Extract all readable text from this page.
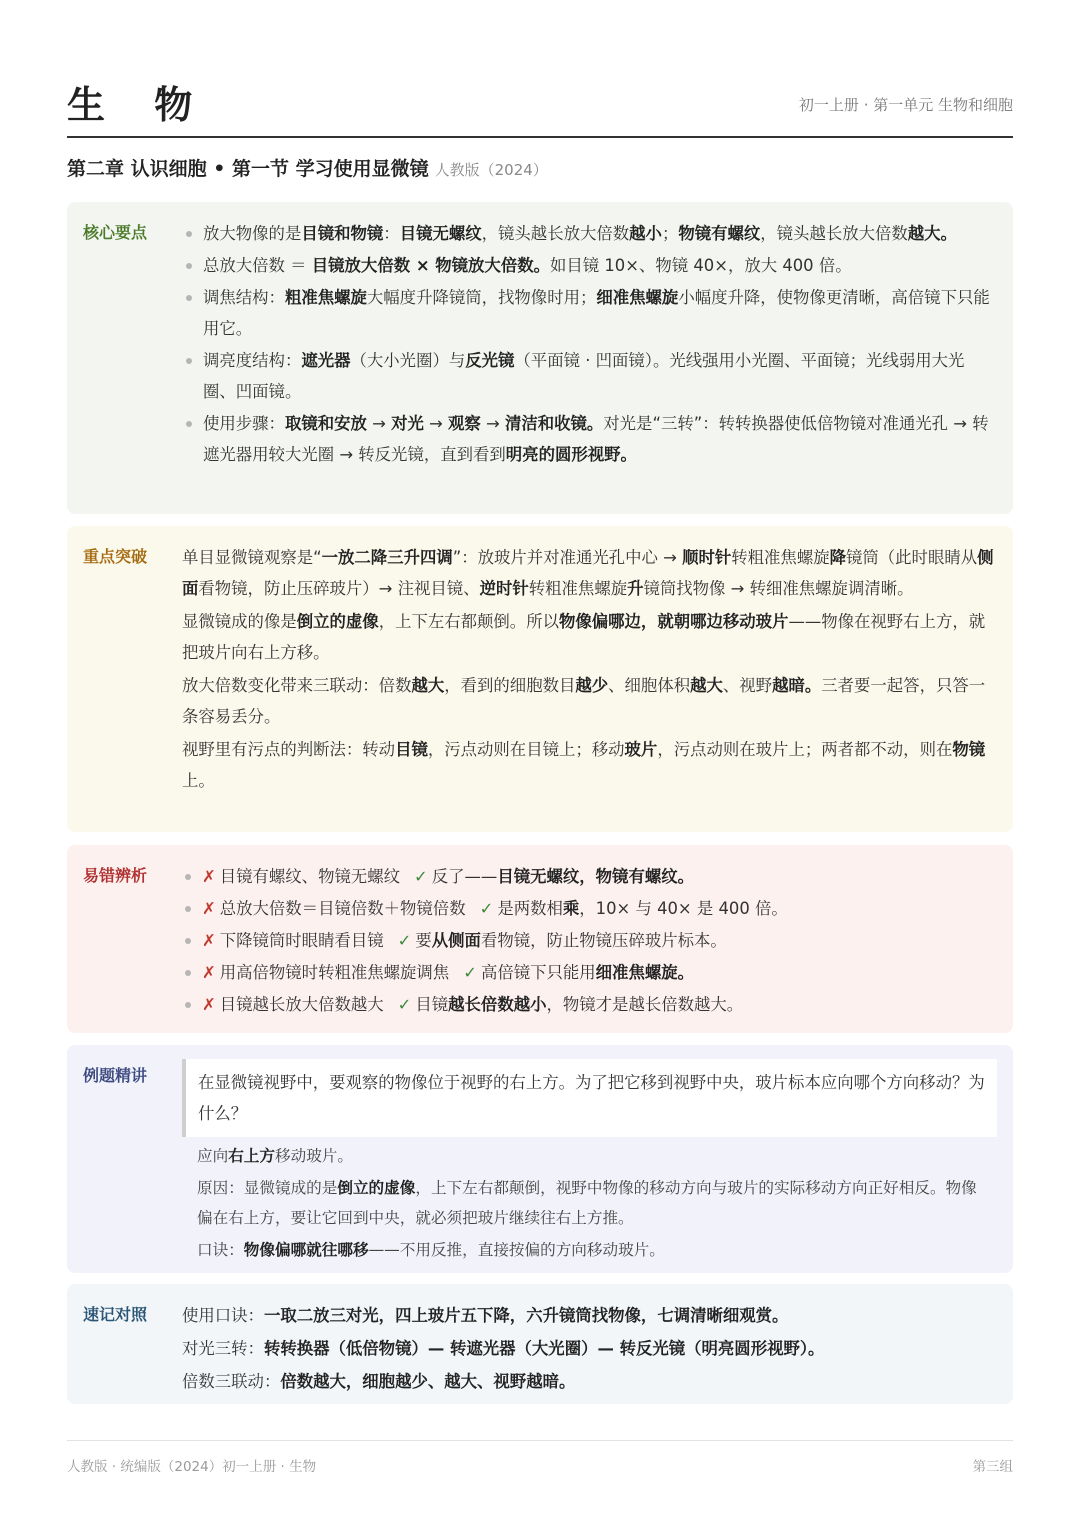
生 物	初一上册 · 第一单元 生物和细胞
第二章 认识细胞 • 第一节 学习使用显微镜 人教版（2024）
核心要点	放大物像的是目镜和物镜：目镜无螺纹，镜头越长放大倍数越小；物镜有螺纹，镜头越长放大倍数越大。
总放大倍数 ＝ 目镜放大倍数 × 物镜放大倍数。如目镜 10×、物镜 40×，放大 400 倍。
调焦结构：粗准焦螺旋大幅度升降镜筒，找物像时用；细准焦螺旋小幅度升降，使物像更清晰，高倍镜下只能用它。
调亮度结构：遮光器（大小光圈）与反光镜（平面镜 · 凹面镜）。光线强用小光圈、平面镜；光线弱用大光圈、凹面镜。
使用步骤：取镜和安放 → 对光 → 观察 → 清洁和收镜。对光是“三转”：转转换器使低倍物镜对准通光孔 → 转遮光器用较大光圈 → 转反光镜，直到看到明亮的圆形视野。
重点突破 单目显微镜观察是“一放二降三升四调”：放玻片并对准通光孔中心 → 顺时针转粗准焦螺旋降镜筒（此时眼睛从侧面看物镜，防止压碎玻片）→ 注视目镜、逆时针转粗准焦螺旋升镜筒找物像 → 转细准焦螺旋调清晰。
显微镜成的像是倒立的虚像，上下左右都颠倒。所以物像偏哪边，就朝哪边移动玻片——物像在视野右上方，就把玻片向右上方移。
放大倍数变化带来三联动：倍数越大，看到的细胞数目越少、细胞体积越大、视野越暗。三者要一起答，只答一条容易丢分。
视野里有污点的判断法：转动目镜，污点动则在目镜上；移动玻片，污点动则在玻片上；两者都不动，则在物镜上。
易错辨析	✗ 目镜有螺纹、物镜无螺纹 ✓ 反了——目镜无螺纹，物镜有螺纹。
✗ 总放大倍数＝目镜倍数＋物镜倍数 ✓ 是两数相乘，10× 与 40× 是 400 倍。
✗ 下降镜筒时眼睛看目镜 ✓ 要从侧面看物镜，防止物镜压碎玻片标本。
✗ 用高倍物镜时转粗准焦螺旋调焦 ✓ 高倍镜下只能用细准焦螺旋。
✗ 目镜越长放大倍数越大 ✓ 目镜越长倍数越小，物镜才是越长倍数越大。
例题精讲	在显微镜视野中，要观察的物像位于视野的右上方。为了把它移到视野中央，玻片标本应向哪个方向移动？为什么？
应向右上方移动玻片。
原因：显微镜成的是倒立的虚像，上下左右都颠倒，视野中物像的移动方向与玻片的实际移动方向正好相反。物像偏在右上方，要让它回到中央，就必须把玻片继续往右上方推。
口诀：物像偏哪就往哪移——不用反推，直接按偏的方向移动玻片。
速记对照 使用口诀：一取二放三对光，四上玻片五下降，六升镜筒找物像，七调清晰细观赏。
对光三转：转转换器（低倍物镜）— 转遮光器（大光圈）— 转反光镜（明亮圆形视野）。
倍数三联动：倍数越大，细胞越少、越大、视野越暗。
人教版 · 统编版（2024）初一上册 · 生物	第三组
